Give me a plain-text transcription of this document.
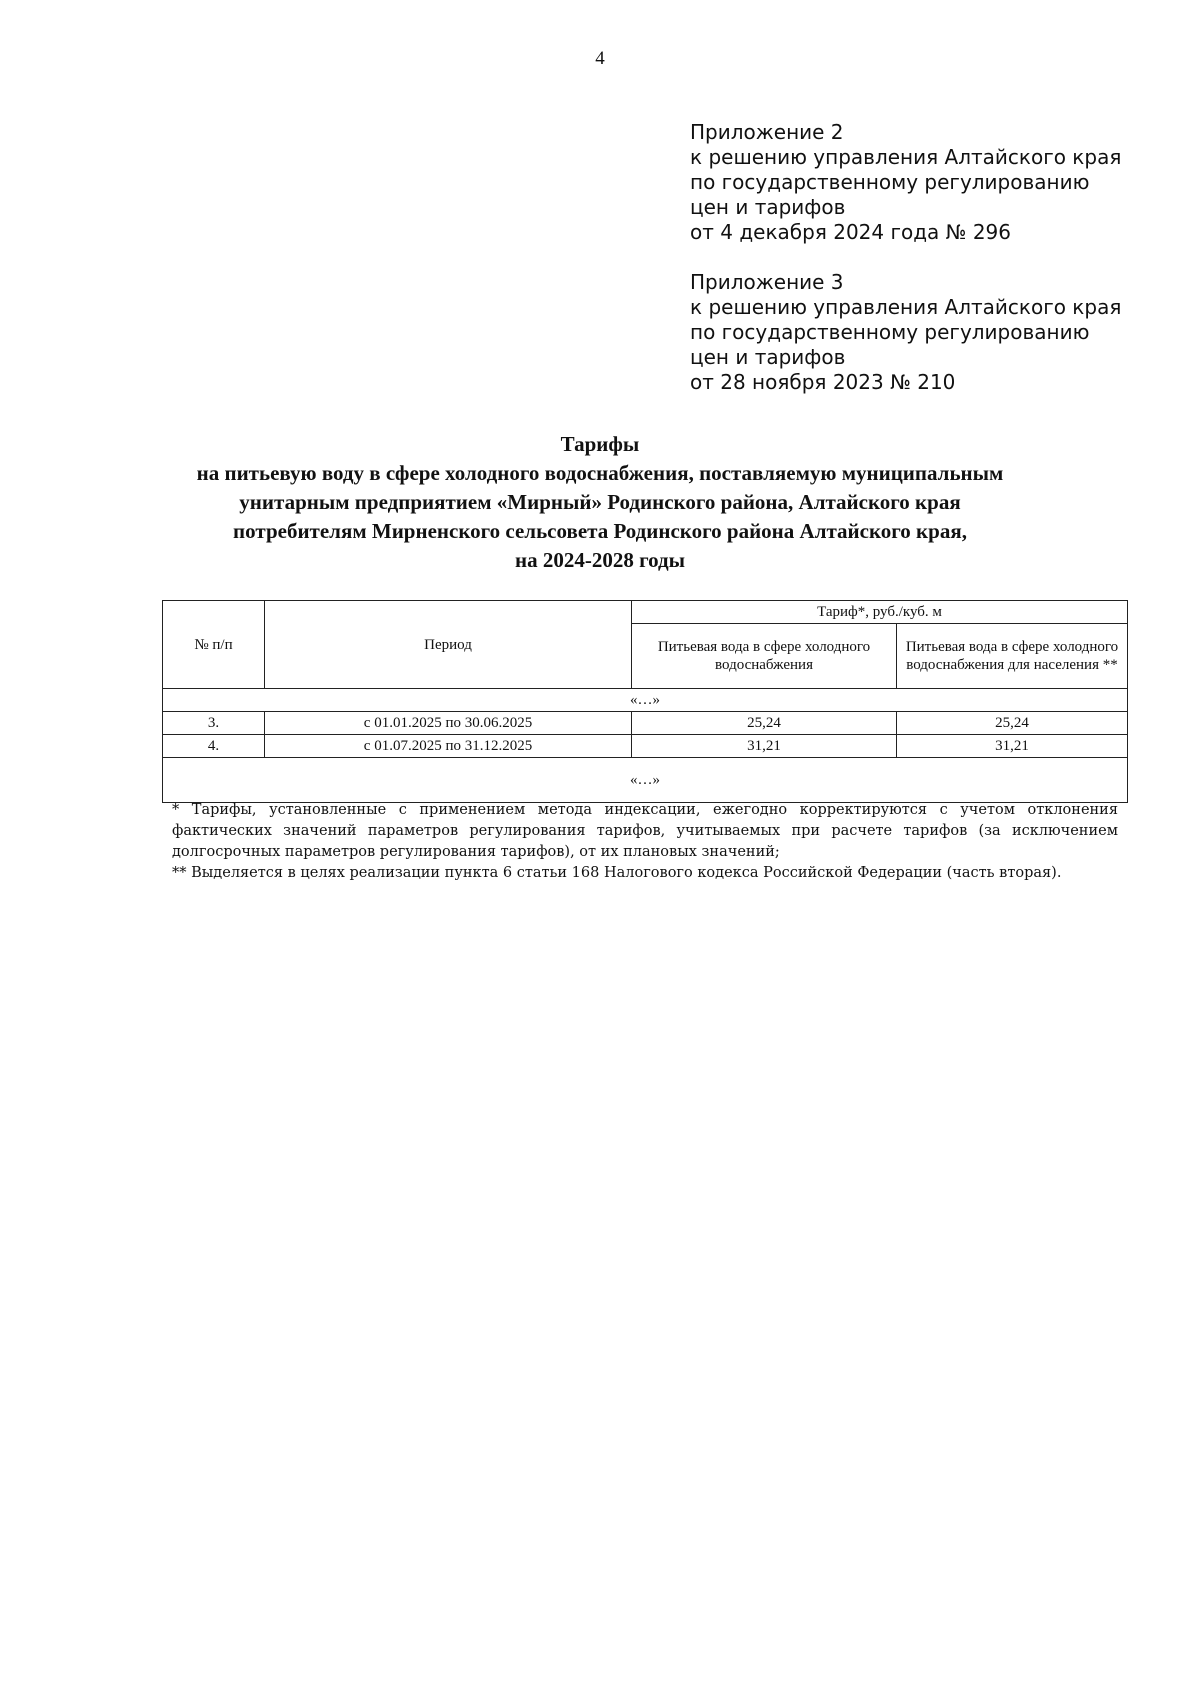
4
Приложение 2
к решению управления Алтайского края
по государственному регулированию
цен и тарифов
от 4 декабря 2024 года № 296
Приложение 3
к решению управления Алтайского края
по государственному регулированию
цен и тарифов
от 28 ноября 2023 № 210
Тарифы
на питьевую воду в сфере холодного водоснабжения, поставляемую муниципальным
унитарным предприятием «Мирный» Родинского района, Алтайского края
потребителям Мирненского сельсовета Родинского района Алтайского края,
на 2024-2028 годы
№ п/п	Период	Тариф*, руб./куб. м	
		Питьевая вода в сфере холодного водоснабжения	Питьевая вода в сфере холодного водоснабжения для населения **
«…»			
3.	с 01.01.2025 по 30.06.2025	25,24	25,24
4.	с 01.07.2025 по 31.12.2025	31,21	31,21
«…»			

* Тарифы, установленные с применением метода индексации, ежегодно корректируются с учетом отклонения фактических значений параметров регулирования тарифов, учитываемых при расчете тарифов (за исключением долгосрочных параметров регулирования тарифов), от их плановых значений;

** Выделяется в целях реализации пункта 6 статьи 168 Налогового кодекса Российской Федерации (часть вторая).
